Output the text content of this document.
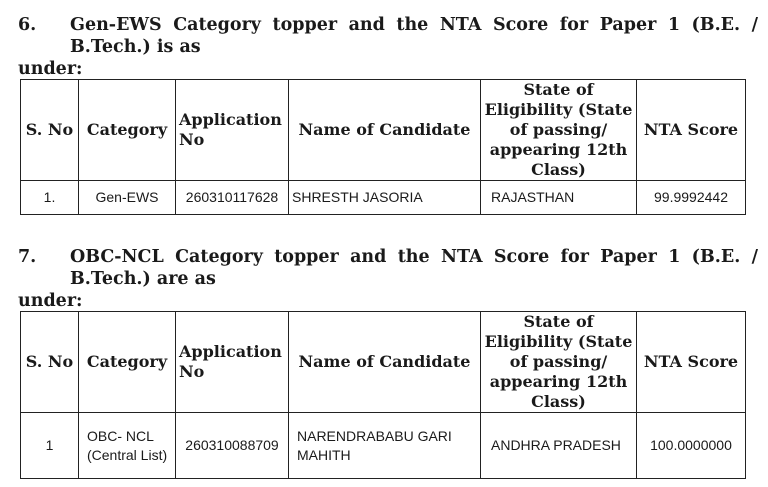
6.	Gen-EWS Category topper and the NTA Score for Paper 1 (B.E. / B.Tech.) is as
under:
S. No	Category	Application No	Name of Candidate	State of Eligibility (State of passing/ appearing 12th Class)	NTA Score
1.	Gen-EWS	260310117628	SHRESTH JASORIA	RAJASTHAN	99.9992442
7.	OBC-NCL Category topper and the NTA Score for Paper 1 (B.E. / B.Tech.) are as
under:
S. No	Category	Application No	Name of Candidate	State of Eligibility (State of passing/ appearing 12th Class)	NTA Score
1	OBC- NCL (Central List)	260310088709	NARENDRABABU GARI MAHITH	ANDHRA PRADESH	100.0000000
